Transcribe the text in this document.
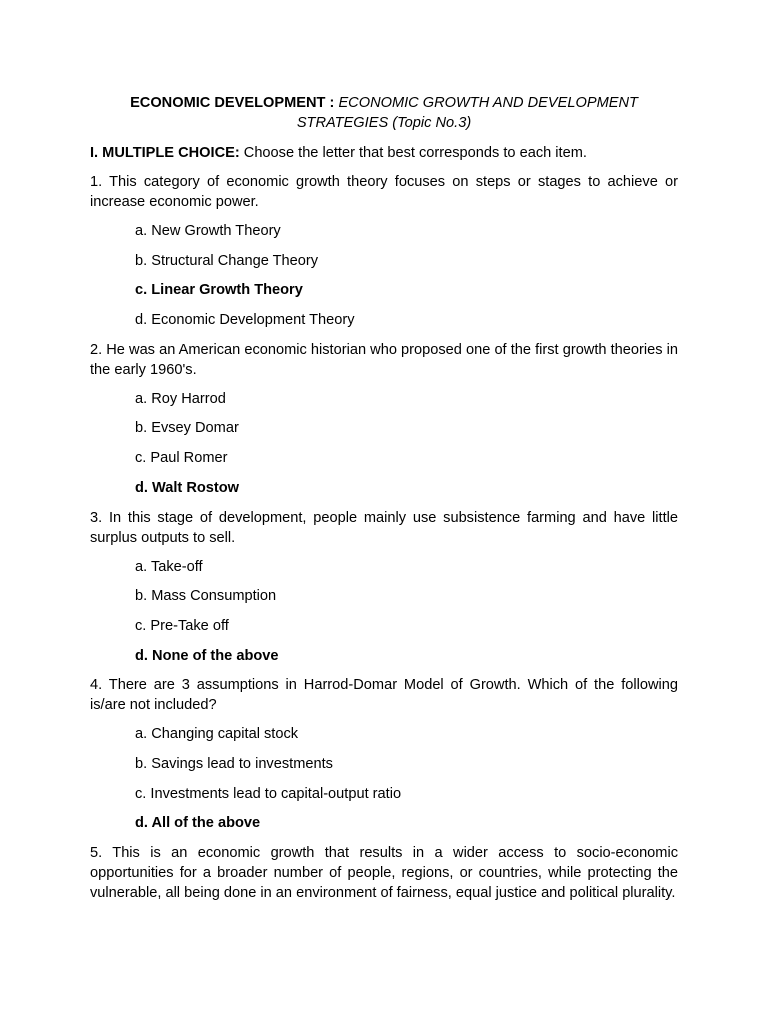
ECONOMIC DEVELOPMENT : ECONOMIC GROWTH AND DEVELOPMENT
STRATEGIES (Topic No.3)
I. MULTIPLE CHOICE: Choose the letter that best corresponds to each item.
1. This category of economic growth theory focuses on steps or stages to achieve or increase economic power.
a. New Growth Theory
b. Structural Change Theory
c. Linear Growth Theory
d. Economic Development Theory
2. He was an American economic historian who proposed one of the first growth theories in the early 1960's.
a. Roy Harrod
b. Evsey Domar
c. Paul Romer
d. Walt Rostow
3. In this stage of development, people mainly use subsistence farming and have little surplus outputs to sell.
a. Take-off
b. Mass Consumption
c. Pre-Take off
d. None of the above
4. There are 3 assumptions in Harrod-Domar Model of Growth. Which of the following is/are not included?
a. Changing capital stock
b. Savings lead to investments
c. Investments lead to capital-output ratio
d. All of the above
5. This is an economic growth that results in a wider access to socio-economic opportunities for a broader number of people, regions, or countries, while protecting the vulnerable, all being done in an environment of fairness, equal justice and political plurality.
